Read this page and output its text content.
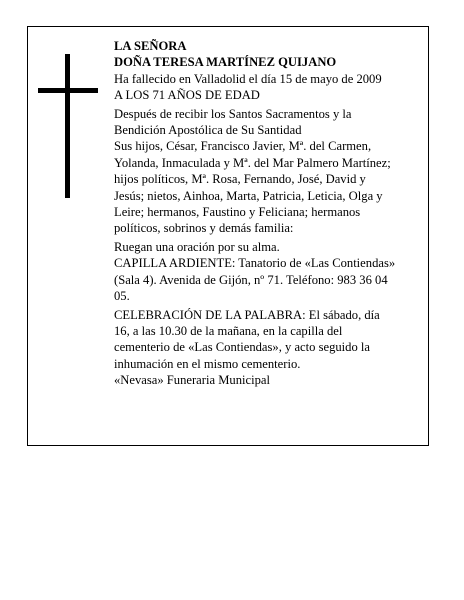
LA SEÑORA

DOÑA TERESA MARTÍNEZ QUIJANO

Ha fallecido en Valladolid el día 15 de mayo de 2009

A LOS 71 AÑOS DE EDAD

Después de recibir los Santos Sacramentos y la
Bendición Apostólica de Su Santidad

Sus hijos, César, Francisco Javier, Mª. del Carmen,
Yolanda, Inmaculada y Mª. del Mar Palmero Martínez;
hijos políticos, Mª. Rosa, Fernando, José, David y
Jesús; nietos, Ainhoa, Marta, Patricia, Leticia, Olga y
Leire; hermanos, Faustino y Feliciana; hermanos
políticos, sobrinos y demás familia:

Ruegan una oración por su alma.

CAPILLA ARDIENTE: Tanatorio de «Las Contiendas»
(Sala 4). Avenida de Gijón, nº 71. Teléfono: 983 36 04
05.

CELEBRACIÓN DE LA PALABRA: El sábado, día
16, a las 10.30 de la mañana, en la capilla del
cementerio de «Las Contiendas», y acto seguido la
inhumación en el mismo cementerio.

«Nevasa» Funeraria Municipal
